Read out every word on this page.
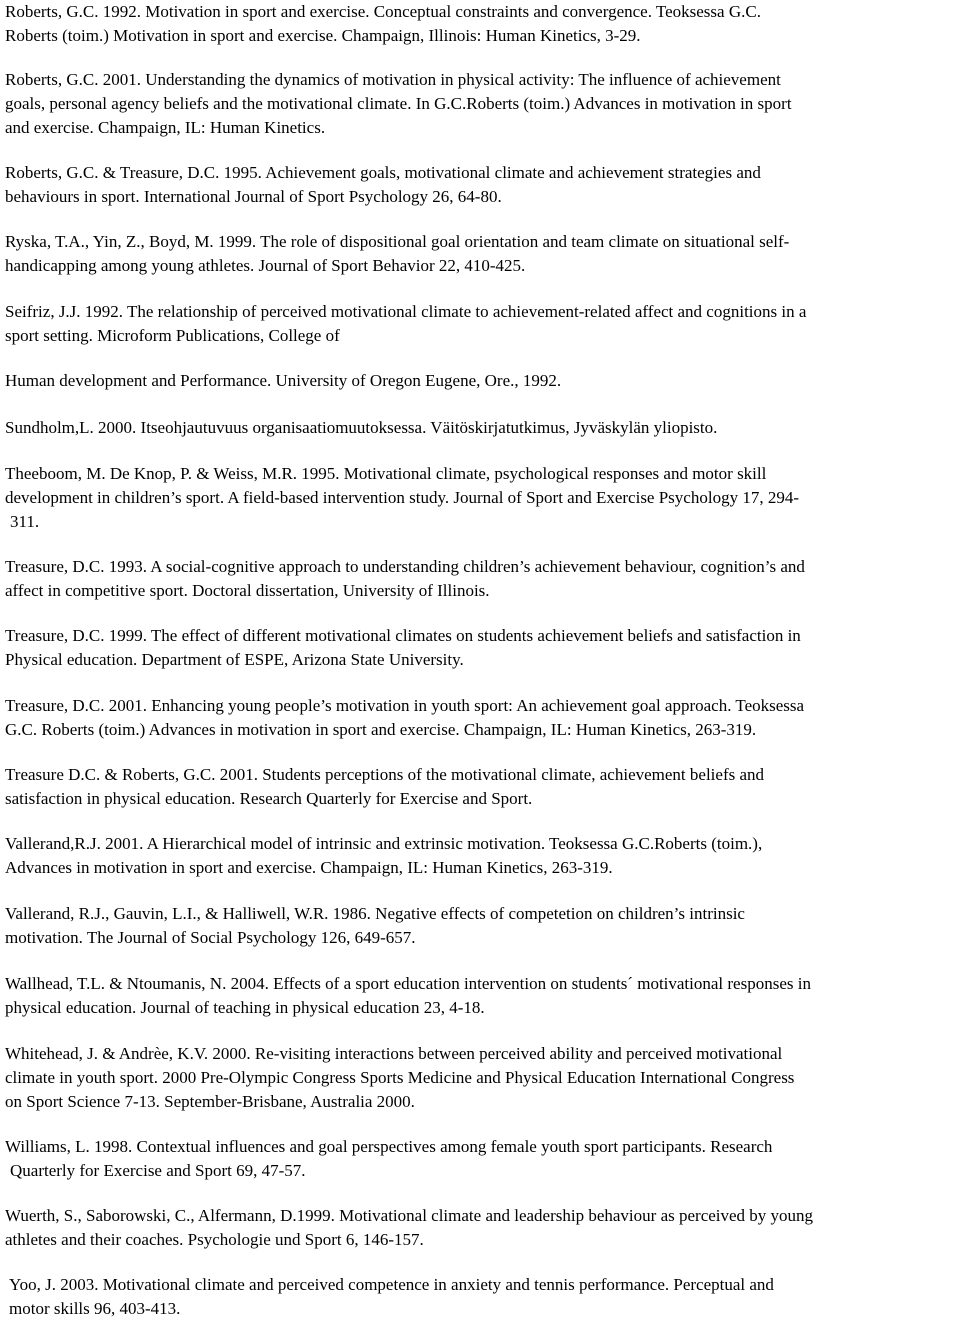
Roberts, G.C. 1992. Motivation in sport and exercise. Conceptual constraints and convergence. Teoksessa G.C.
Roberts (toim.) Motivation in sport and exercise. Champaign, Illinois: Human Kinetics, 3-29.

Roberts, G.C. 2001. Understanding the dynamics of motivation in physical activity: The influence of achievement
goals, personal agency beliefs and the motivational climate. In G.C.Roberts (toim.) Advances in motivation in sport
and exercise. Champaign, IL: Human Kinetics.

Roberts, G.C. & Treasure, D.C. 1995. Achievement goals, motivational climate and achievement strategies and
behaviours in sport. International Journal of Sport Psychology 26, 64-80.

Ryska, T.A., Yin, Z., Boyd, M. 1999. The role of dispositional goal orientation and team climate on situational self-
handicapping among young athletes. Journal of Sport Behavior 22, 410-425.

Seifriz, J.J. 1992. The relationship of perceived motivational climate to achievement-related affect and cognitions in a
sport setting. Microform Publications, College of

Human development and Performance. University of Oregon Eugene, Ore., 1992.

Sundholm,L. 2000. Itseohjautuvuus organisaatiomuutoksessa. Väitöskirjatutkimus, Jyväskylän yliopisto.

Theeboom, M. De Knop, P. & Weiss, M.R. 1995. Motivational climate, psychological responses and motor skill
development in children’s sport. A field-based intervention study. Journal of Sport and Exercise Psychology 17, 294-
311.

Treasure, D.C. 1993. A social-cognitive approach to understanding children’s achievement behaviour, cognition’s and
affect in competitive sport. Doctoral dissertation, University of Illinois.

Treasure, D.C. 1999. The effect of different motivational climates on students achievement beliefs and satisfaction in
Physical education. Department of ESPE, Arizona State University.

Treasure, D.C. 2001. Enhancing young people’s motivation in youth sport: An achievement goal approach. Teoksessa
G.C. Roberts (toim.) Advances in motivation in sport and exercise. Champaign, IL: Human Kinetics, 263-319.

Treasure D.C. & Roberts, G.C. 2001. Students perceptions of the motivational climate, achievement beliefs and
satisfaction in physical education. Research Quarterly for Exercise and Sport.

Vallerand,R.J. 2001. A Hierarchical model of intrinsic and extrinsic motivation. Teoksessa G.C.Roberts (toim.),
Advances in motivation in sport and exercise. Champaign, IL: Human Kinetics, 263-319.

Vallerand, R.J., Gauvin, L.I., & Halliwell, W.R. 1986. Negative effects of competetion on children’s intrinsic
motivation. The Journal of Social Psychology 126, 649-657.

Wallhead, T.L. & Ntoumanis, N. 2004. Effects of a sport education intervention on students´ motivational responses in
physical education. Journal of teaching in physical education 23, 4-18.

Whitehead, J. & Andrèe, K.V. 2000. Re-visiting interactions between perceived ability and perceived motivational
climate in youth sport. 2000 Pre-Olympic Congress Sports Medicine and Physical Education International Congress
on Sport Science 7-13. September-Brisbane, Australia 2000.

Williams, L. 1998. Contextual influences and goal perspectives among female youth sport participants. Research
Quarterly for Exercise and Sport 69, 47-57.

Wuerth, S., Saborowski, C., Alfermann, D.1999. Motivational climate and leadership behaviour as perceived by young
athletes and their coaches. Psychologie und Sport 6, 146-157.

Yoo, J. 2003. Motivational climate and perceived competence in anxiety and tennis performance. Perceptual and
motor skills 96, 403-413.
